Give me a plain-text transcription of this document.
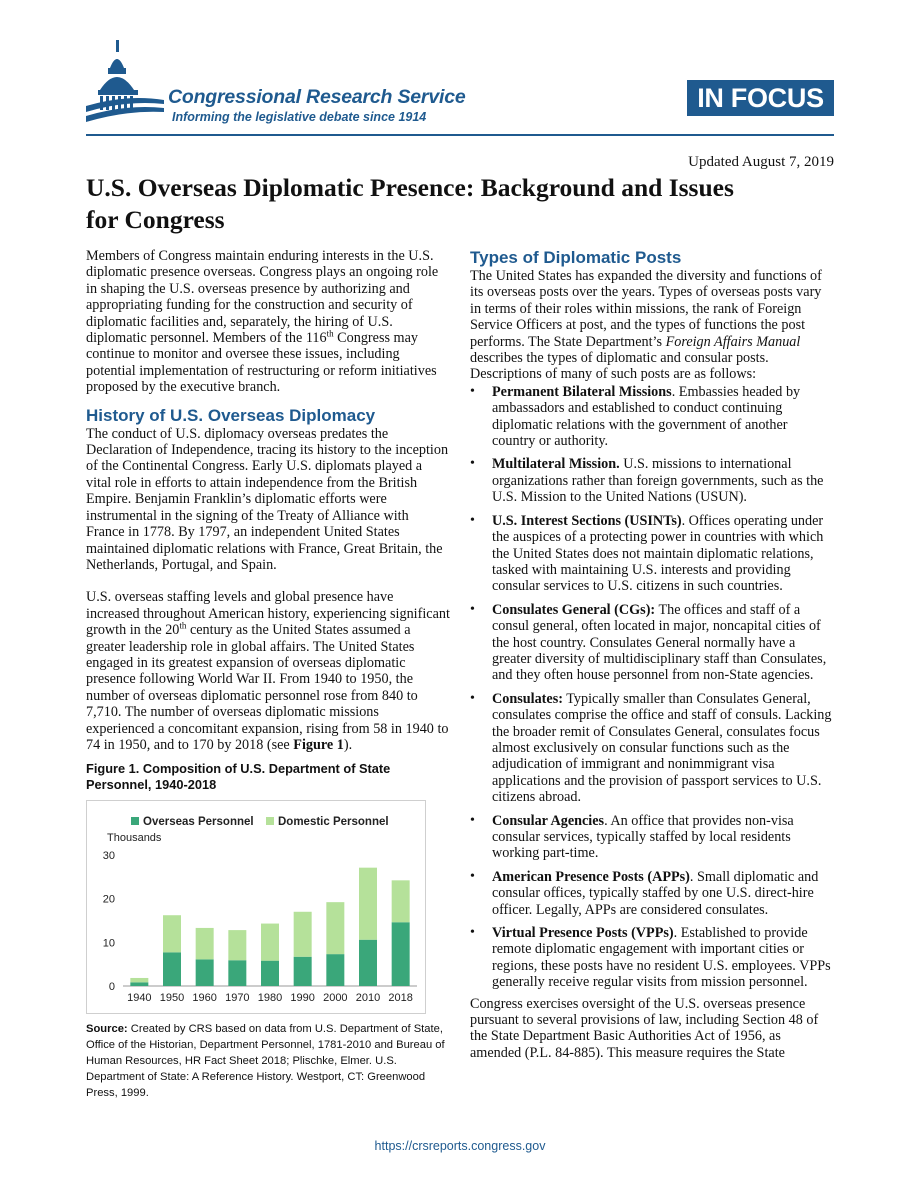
Congressional Research Service
Informing the legislative debate since 1914
IN FOCUS
Updated August 7, 2019
U.S. Overseas Diplomatic Presence: Background and Issues for Congress

Members of Congress maintain enduring interests in the U.S. diplomatic presence overseas. Congress plays an ongoing role in shaping the U.S. overseas presence by authorizing and appropriating funding for the construction and security of diplomatic facilities and, separately, the hiring of U.S. diplomatic personnel. Members of the 116th Congress may continue to monitor and oversee these issues, including potential implementation of restructuring or reform initiatives proposed by the executive branch.

History of U.S. Overseas Diplomacy

The conduct of U.S. diplomacy overseas predates the Declaration of Independence, tracing its history to the inception of the Continental Congress. Early U.S. diplomats played a vital role in efforts to attain independence from the British Empire. Benjamin Franklin’s diplomatic efforts were instrumental in the signing of the Treaty of Alliance with France in 1778. By 1797, an independent United States maintained diplomatic relations with France, Great Britain, the Netherlands, Portugal, and Spain.

U.S. overseas staffing levels and global presence have increased throughout American history, experiencing significant growth in the 20th century as the United States assumed a greater leadership role in global affairs. The United States engaged in its greatest expansion of overseas diplomatic presence following World War II. From 1940 to 1950, the number of overseas diplomatic personnel rose from 840 to 7,710. The number of overseas diplomatic missions experienced a concomitant expansion, rising from 58 in 1940 to 74 in 1950, and to 170 by 2018 (see Figure 1).

Figure 1. Composition of U.S. Department of State Personnel, 1940-2018
Overseas Personnel Domestic Personnel
Thousands
0
10
20
30
1940 1950 1960 1970 1980 1990 2000 2010 2018
Source: Created by CRS based on data from U.S. Department of State, Office of the Historian, Department Personnel, 1781-2010 and Bureau of Human Resources, HR Fact Sheet 2018; Plischke, Elmer. U.S. Department of State: A Reference History. Westport, CT: Greenwood Press, 1999.
Types of Diplomatic Posts

The United States has expanded the diversity and functions of its overseas posts over the years. Types of overseas posts vary in terms of their roles within missions, the rank of Foreign Service Officers at post, and the types of functions the post performs. The State Department’s Foreign Affairs Manual describes the types of diplomatic and consular posts. Descriptions of many of such posts are as follows:

• Permanent Bilateral Missions. Embassies headed by ambassadors and established to conduct continuing diplomatic relations with the government of another country or authority.
• Multilateral Mission. U.S. missions to international organizations rather than foreign governments, such as the U.S. Mission to the United Nations (USUN).
• U.S. Interest Sections (USINTs). Offices operating under the auspices of a protecting power in countries with which the United States does not maintain diplomatic relations, tasked with maintaining U.S. interests and providing consular services to U.S. citizens in such countries.
• Consulates General (CGs): The offices and staff of a consul general, often located in major, noncapital cities of the host country. Consulates General normally have a greater diversity of multidisciplinary staff than Consulates, and they often house personnel from non-State agencies.
• Consulates: Typically smaller than Consulates General, consulates comprise the office and staff of consuls. Lacking the broader remit of Consulates General, consulates focus almost exclusively on consular functions such as the adjudication of immigrant and nonimmigrant visa applications and the provision of passport services to U.S. citizens abroad.
• Consular Agencies. An office that provides non-visa consular services, typically staffed by local residents working part-time.
• American Presence Posts (APPs). Small diplomatic and consular offices, typically staffed by one U.S. direct-hire officer. Legally, APPs are considered consulates.
• Virtual Presence Posts (VPPs). Established to provide remote diplomatic engagement with important cities or regions, these posts have no resident U.S. employees. VPPs generally receive regular visits from mission personnel.

Congress exercises oversight of the U.S. overseas presence pursuant to several provisions of law, including Section 48 of the State Department Basic Authorities Act of 1956, as amended (P.L. 84-885). This measure requires the State

https://crsreports.congress.gov
